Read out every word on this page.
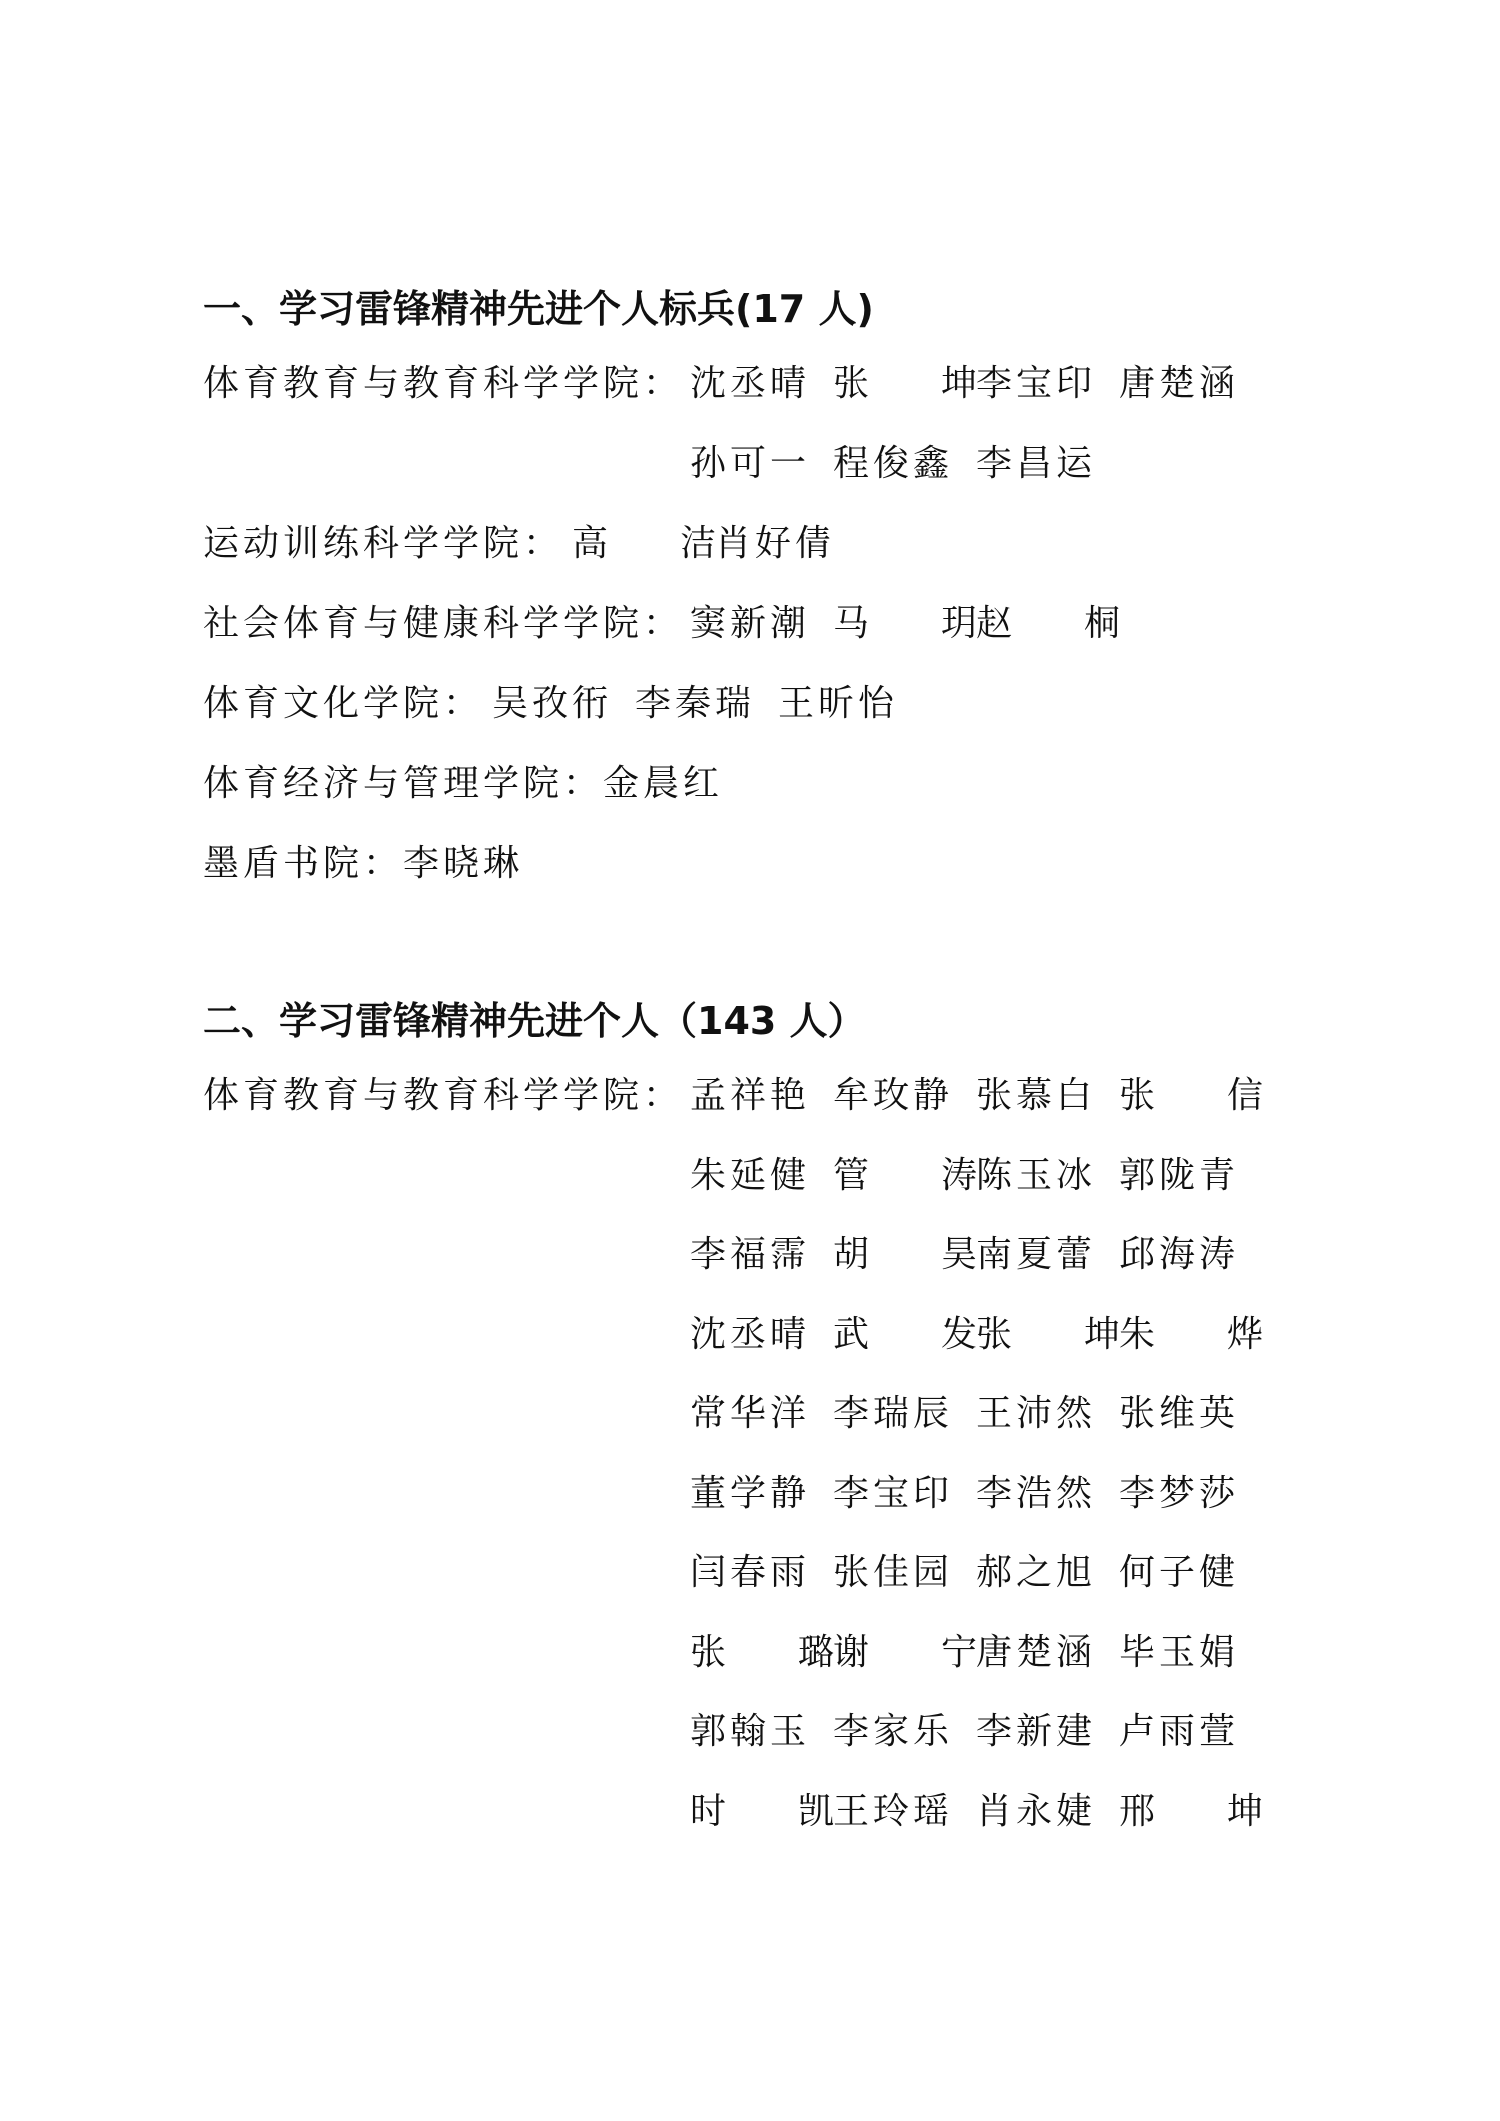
一、学习雷锋精神先进个人标兵(17 人)
体育教育与教育科学学院： 沈丞晴 张 坤李宝印 唐楚涵
孙可一 程俊鑫 李昌运
运动训练科学学院： 高 洁肖好倩
社会体育与健康科学学院： 窦新潮 马 玥赵 桐
体育文化学院： 吴孜衎 李秦瑞 王昕怡
体育经济与管理学院：金晨红
墨盾书院：李晓琳
二、学习雷锋精神先进个人（143 人）
体育教育与教育科学学院： 孟祥艳 牟玫静 张慕白 张 信
朱延健 管 涛陈玉冰 郭陇青
李福霈 胡 昊南夏蕾 邱海涛
沈丞晴 武 发张 坤朱 烨
常华洋 李瑞辰 王沛然 张维英
董学静 李宝印 李浩然 李梦莎
闫春雨 张佳园 郝之旭 何子健
张 璐谢 宁唐楚涵 毕玉娟
郭翰玉 李家乐 李新建 卢雨萱
时 凯王玲瑶 肖永婕 邢 坤
